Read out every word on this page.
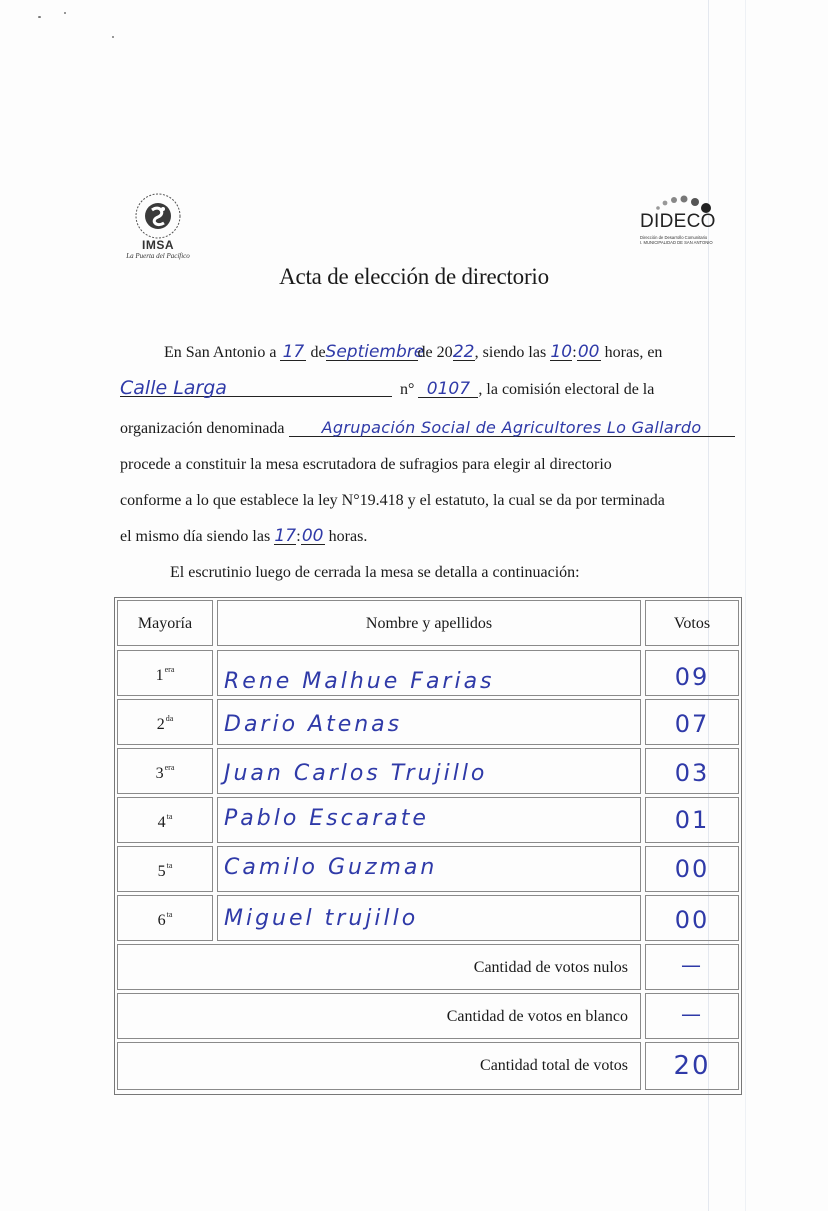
IMSA
La Puerta del Pacífico
DIDECO
Dirección de Desarrollo Comunitario
I. MUNICIPALIDAD DE SAN ANTONIO
Acta de elección de directorio
En San Antonio a 17 deSeptiembrede 2022, siendo las 10:00 horas, en
Calle Larga	n° 0107 , la comisión electoral de la
organización denominada Agrupación Social de Agricultores Lo Gallardo
procede a constituir la mesa escrutadora de sufragios para elegir al directorio
conforme a lo que establece la ley N°19.418 y el estatuto, la cual se da por terminada
el mismo día siendo las 17:00 horas.
El escrutinio luego de cerrada la mesa se detalla a continuación:
Mayoría	Nombre y apellidos	Votos
$1^{era}$	Rene Malhue Farias	09
$2^{da}$	Dario Atenas	07
$3^{era}$	Juan Carlos Trujillo	03
$4^{ta}$	Pablo Escarate	01
$5^{ta}$	Camilo Guzman	00
$6^{ta}$	Miguel trujillo	00
Cantidad de votos nulos	—
Cantidad de votos en blanco	—
Cantidad total de votos	20
